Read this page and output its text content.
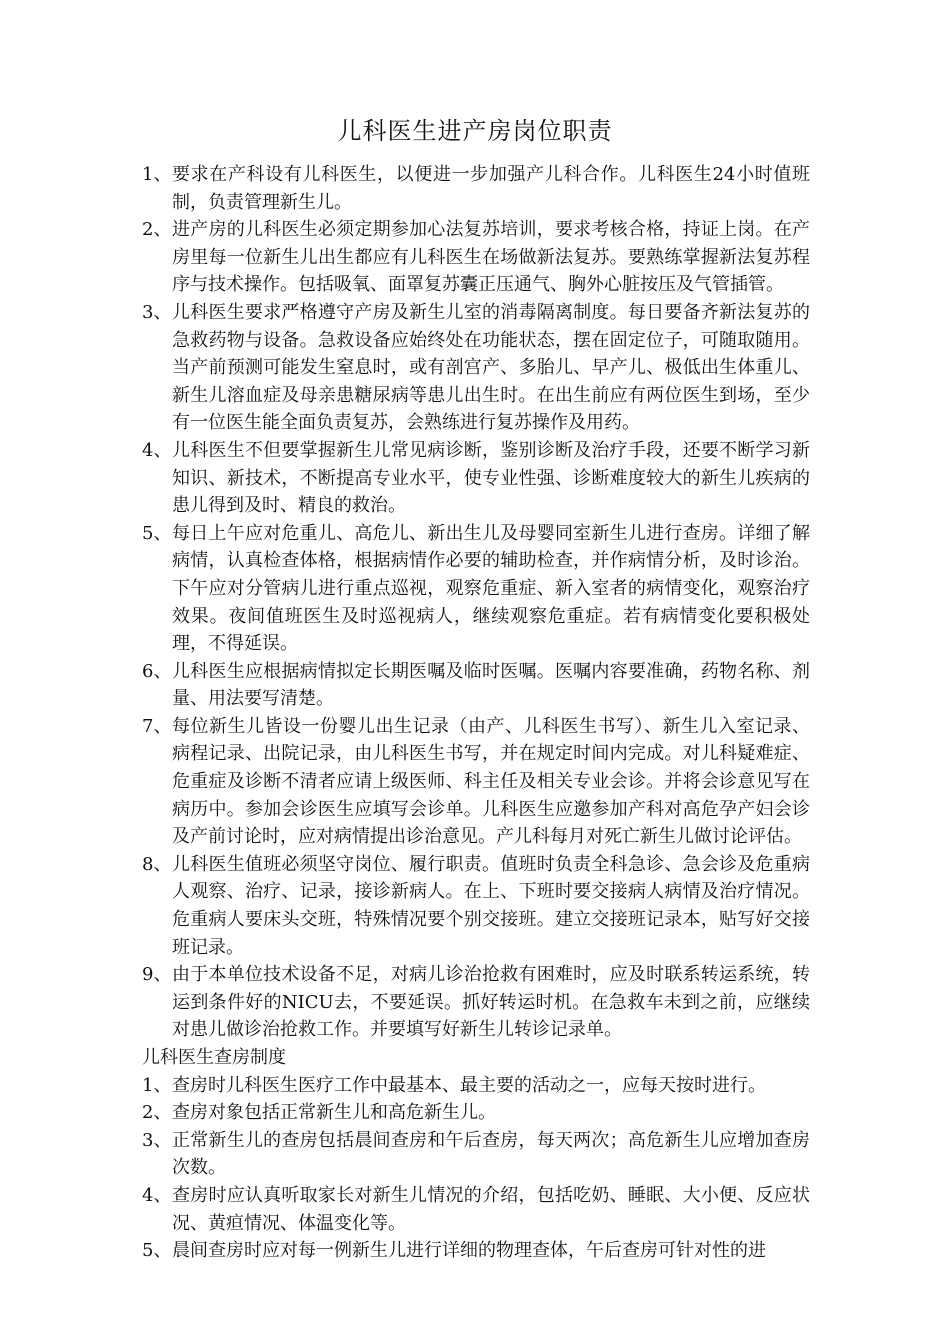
儿科医生进产房岗位职责
1、 要求在产科设有儿科医生，以便进一步加强产儿科合作。儿科医生24小时值班制，负责管理新生儿。
2、 进产房的儿科医生必须定期参加心法复苏培训，要求考核合格，持证上岗。在产房里每一位新生儿出生都应有儿科医生在场做新法复苏。要熟练掌握新法复苏程序与技术操作。包括吸氧、面罩复苏囊正压通气、胸外心脏按压及气管插管。
3、 儿科医生要求严格遵守产房及新生儿室的消毒隔离制度。每日要备齐新法复苏的急救药物与设备。急救设备应始终处在功能状态，摆在固定位子，可随取随用。当产前预测可能发生窒息时，或有剖宫产、多胎儿、早产儿、极低出生体重儿、新生儿溶血症及母亲患糖尿病等患儿出生时。在出生前应有两位医生到场，至少有一位医生能全面负责复苏，会熟练进行复苏操作及用药。
4、 儿科医生不但要掌握新生儿常见病诊断，鉴别诊断及治疗手段，还要不断学习新知识、新技术，不断提高专业水平，使专业性强、诊断难度较大的新生儿疾病的患儿得到及时、精良的救治。
5、 每日上午应对危重儿、高危儿、新出生儿及母婴同室新生儿进行查房。详细了解病情，认真检查体格，根据病情作必要的辅助检查，并作病情分析，及时诊治。下午应对分管病儿进行重点巡视，观察危重症、新入室者的病情变化，观察治疗效果。夜间值班医生及时巡视病人，继续观察危重症。若有病情变化要积极处理，不得延误。
6、 儿科医生应根据病情拟定长期医嘱及临时医嘱。医嘱内容要准确，药物名称、剂量、用法要写清楚。
7、 每位新生儿皆设一份婴儿出生记录（由产、儿科医生书写）、新生儿入室记录、病程记录、出院记录，由儿科医生书写，并在规定时间内完成。对儿科疑难症、危重症及诊断不清者应请上级医师、科主任及相关专业会诊。并将会诊意见写在病历中。参加会诊医生应填写会诊单。儿科医生应邀参加产科对高危孕产妇会诊及产前讨论时，应对病情提出诊治意见。产儿科每月对死亡新生儿做讨论评估。
8、 儿科医生值班必须坚守岗位、履行职责。值班时负责全科急诊、急会诊及危重病人观察、治疗、记录，接诊新病人。在上、下班时要交接病人病情及治疗情况。危重病人要床头交班，特殊情况要个别交接班。建立交接班记录本，贴写好交接班记录。
9、 由于本单位技术设备不足，对病儿诊治抢救有困难时，应及时联系转运系统，转运到条件好的NICU去，不要延误。抓好转运时机。在急救车未到之前，应继续对患儿做诊治抢救工作。并要填写好新生儿转诊记录单。
儿科医生查房制度
1、 查房时儿科医生医疗工作中最基本、最主要的活动之一，应每天按时进行。
2、 查房对象包括正常新生儿和高危新生儿。
3、 正常新生儿的查房包括晨间查房和午后查房，每天两次；高危新生儿应增加查房次数。
4、 查房时应认真听取家长对新生儿情况的介绍，包括吃奶、睡眠、大小便、反应状况、黄疸情况、体温变化等。
5、 晨间查房时应对每一例新生儿进行详细的物理查体，午后查房可针对性的进
